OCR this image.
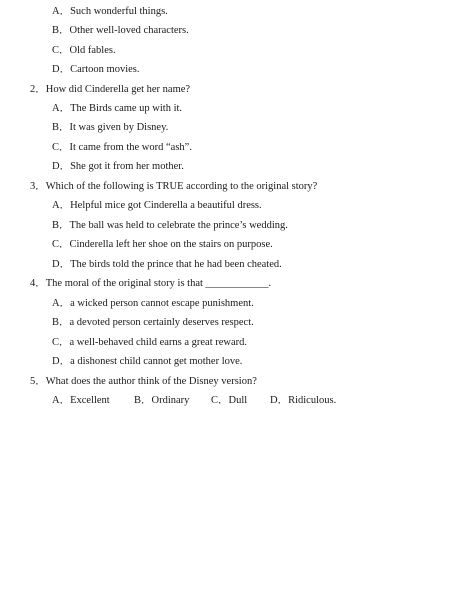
A．Such wonderful things.
B．Other well-loved characters.
C．Old fables.
D．Cartoon movies.
2．How did Cinderella get her name?
A．The Birds came up with it.
B．It was given by Disney.
C．It came from the word “ash”.
D．She got it from her mother.
3．Which of the following is TRUE according to the original story?
A．Helpful mice got Cinderella a beautiful dress.
B．The ball was held to celebrate the prince’s wedding.
C．Cinderella left her shoe on the stairs on purpose.
D．The birds told the prince that he had been cheated.
4．The moral of the original story is that ____________.
A．a wicked person cannot escape punishment.
B．a devoted person certainly deserves respect.
C．a well-behaved child earns a great reward.
D．a dishonest child cannot get mother love.
5．What does the author think of the Disney version?
A．Excellent B．Ordinary C．Dull D．Ridiculous.
